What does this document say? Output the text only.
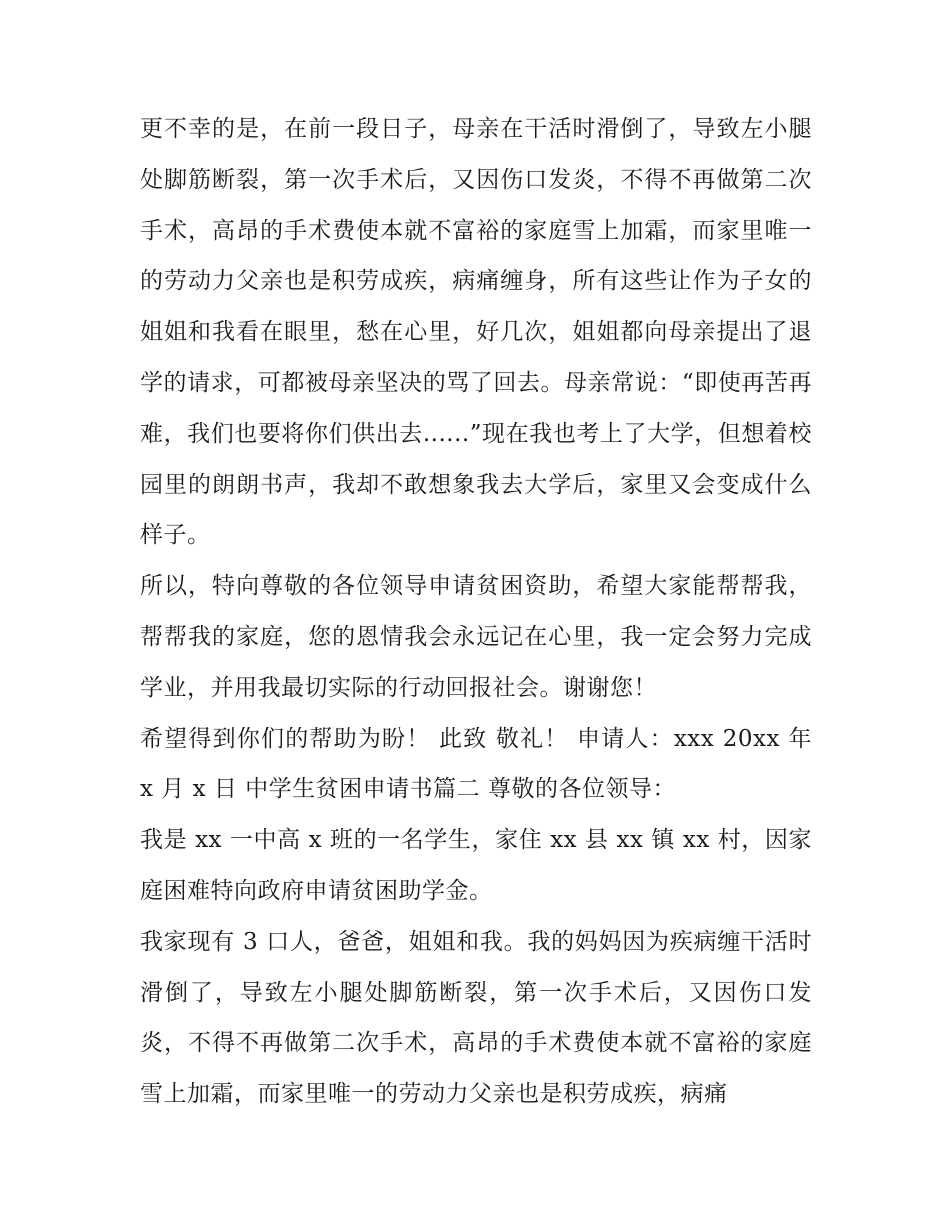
更不幸的是，在前一段日子，母亲在干活时滑倒了，导致左小腿处脚筋断裂，第一次手术后，又因伤口发炎，不得不再做第二次手术，高昂的手术费使本就不富裕的家庭雪上加霜，而家里唯一的劳动力父亲也是积劳成疾，病痛缠身，所有这些让作为子女的姐姐和我看在眼里，愁在心里，好几次，姐姐都向母亲提出了退学的请求，可都被母亲坚决的骂了回去。母亲常说：“即使再苦再难，我们也要将你们供出去......”现在我也考上了大学，但想着校园里的朗朗书声，我却不敢想象我去大学后，家里又会变成什么样子。

所以，特向尊敬的各位领导申请贫困资助，希望大家能帮帮我，帮帮我的家庭，您的恩情我会永远记在心里，我一定会努力完成学业，并用我最切实际的行动回报社会。谢谢您！

希望得到你们的帮助为盼！ 此致 敬礼！ 申请人：xxx 20xx 年 x 月 x 日 中学生贫困申请书篇二 尊敬的各位领导：

我是 xx 一中高 x 班的一名学生，家住 xx 县 xx 镇 xx 村，因家庭困难特向政府申请贫困助学金。

我家现有 3 口人，爸爸，姐姐和我。我的妈妈因为疾病缠干活时滑倒了，导致左小腿处脚筋断裂，第一次手术后，又因伤口发炎，不得不再做第二次手术，高昂的手术费使本就不富裕的家庭雪上加霜，而家里唯一的劳动力父亲也是积劳成疾，病痛
